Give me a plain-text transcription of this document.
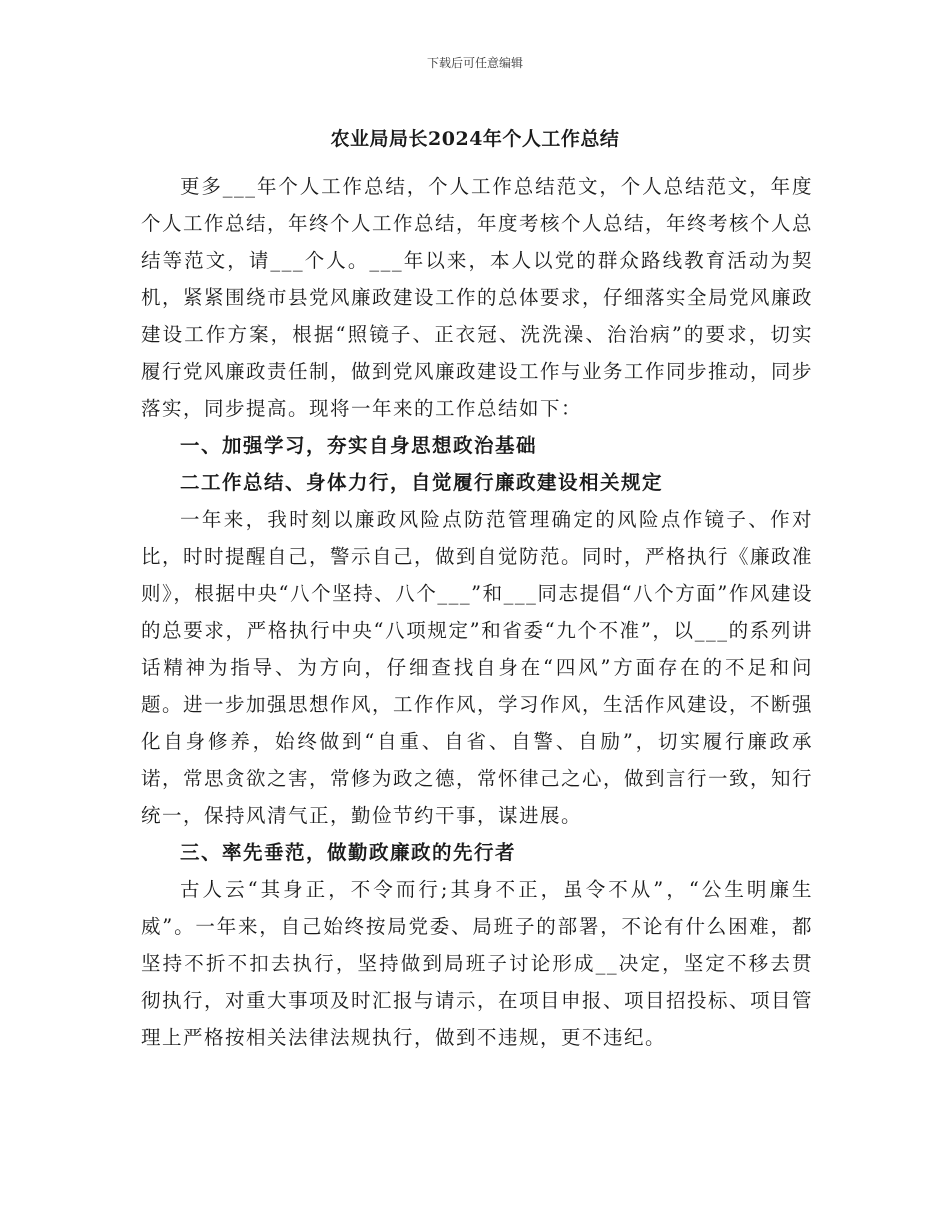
下载后可任意编辑
农业局局长2024年个人工作总结

更多___年个人工作总结，个人工作总结范文，个人总结范文，年度个人工作总结，年终个人工作总结，年度考核个人总结，年终考核个人总结等范文，请___个人。___年以来，本人以党的群众路线教育活动为契机，紧紧围绕市县党风廉政建设工作的总体要求，仔细落实全局党风廉政建设工作方案，根据“照镜子、正衣冠、洗洗澡、治治病”的要求，切实履行党风廉政责任制，做到党风廉政建设工作与业务工作同步推动，同步落实，同步提高。现将一年来的工作总结如下：

一、加强学习，夯实自身思想政治基础

二工作总结、身体力行，自觉履行廉政建设相关规定

一年来，我时刻以廉政风险点防范管理确定的风险点作镜子、作对比，时时提醒自己，警示自己，做到自觉防范。同时，严格执行《廉政准则》，根据中央“八个坚持、八个___”和___同志提倡“八个方面”作风建设的总要求，严格执行中央“八项规定”和省委“九个不准”，以___的系列讲话精神为指导、为方向，仔细查找自身在“四风”方面存在的不足和问题。进一步加强思想作风，工作作风，学习作风，生活作风建设，不断强化自身修养，始终做到“自重、自省、自警、自励”，切实履行廉政承诺，常思贪欲之害，常修为政之德，常怀律己之心，做到言行一致，知行统一，保持风清气正，勤俭节约干事，谋进展。

三、率先垂范，做勤政廉政的先行者

古人云“其身正，不令而行;其身不正，虽令不从”，“公生明廉生威”。一年来，自己始终按局党委、局班子的部署，不论有什么困难，都坚持不折不扣去执行，坚持做到局班子讨论形成__决定，坚定不移去贯彻执行，对重大事项及时汇报与请示，在项目申报、项目招投标、项目管理上严格按相关法律法规执行，做到不违规，更不违纪。
